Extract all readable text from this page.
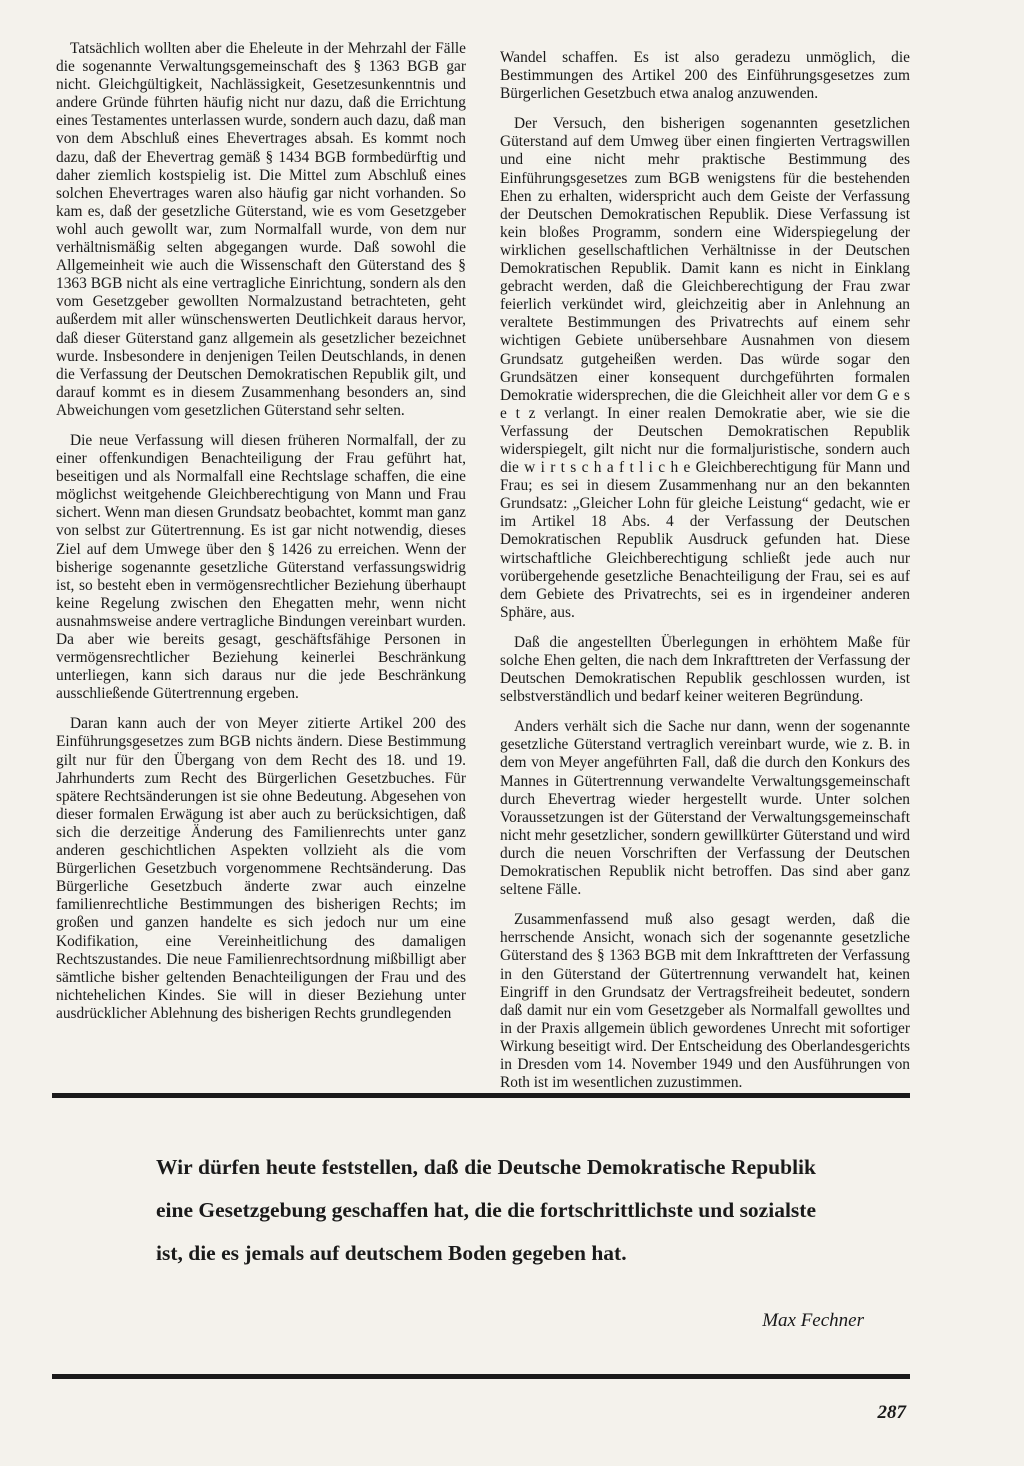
Tatsächlich wollten aber die Eheleute in der Mehrzahl der Fälle die sogenannte Verwaltungsgemeinschaft des § 1363 BGB gar nicht. Gleichgültigkeit, Nachlässigkeit, Gesetzesunkenntnis und andere Gründe führten häufig nicht nur dazu, daß die Errichtung eines Testamentes unterlassen wurde, sondern auch dazu, daß man von dem Abschluß eines Ehevertrages absah. Es kommt noch dazu, daß der Ehevertrag gemäß § 1434 BGB formbedürftig und daher ziemlich kostspielig ist. Die Mittel zum Abschluß eines solchen Ehevertrages waren also häufig gar nicht vorhanden. So kam es, daß der gesetzliche Güterstand, wie es vom Gesetzgeber wohl auch gewollt war, zum Normalfall wurde, von dem nur verhältnismäßig selten abgegangen wurde. Daß sowohl die Allgemeinheit wie auch die Wissenschaft den Güterstand des § 1363 BGB nicht als eine vertragliche Einrichtung, sondern als den vom Gesetzgeber gewollten Normalzustand betrachteten, geht außerdem mit aller wünschenswerten Deutlichkeit daraus hervor, daß dieser Güterstand ganz allgemein als gesetzlicher bezeichnet wurde. Insbesondere in denjenigen Teilen Deutschlands, in denen die Verfassung der Deutschen Demokratischen Republik gilt, und darauf kommt es in diesem Zusammenhang besonders an, sind Abweichungen vom gesetzlichen Güterstand sehr selten.

Die neue Verfassung will diesen früheren Normalfall, der zu einer offenkundigen Benachteiligung der Frau geführt hat, beseitigen und als Normalfall eine Rechtslage schaffen, die eine möglichst weitgehende Gleichberechtigung von Mann und Frau sichert. Wenn man diesen Grundsatz beobachtet, kommt man ganz von selbst zur Gütertrennung. Es ist gar nicht notwendig, dieses Ziel auf dem Umwege über den § 1426 zu erreichen. Wenn der bisherige sogenannte gesetzliche Güterstand verfassungswidrig ist, so besteht eben in vermögensrechtlicher Beziehung überhaupt keine Regelung zwischen den Ehegatten mehr, wenn nicht ausnahmsweise andere vertragliche Bindungen vereinbart wurden. Da aber wie bereits gesagt, geschäftsfähige Personen in vermögensrechtlicher Beziehung keinerlei Beschränkung unterliegen, kann sich daraus nur die jede Beschränkung ausschließende Gütertrennung ergeben.

Daran kann auch der von Meyer zitierte Artikel 200 des Einführungsgesetzes zum BGB nichts ändern. Diese Bestimmung gilt nur für den Übergang von dem Recht des 18. und 19. Jahrhunderts zum Recht des Bürgerlichen Gesetzbuches. Für spätere Rechtsänderungen ist sie ohne Bedeutung. Abgesehen von dieser formalen Erwägung ist aber auch zu berücksichtigen, daß sich die derzeitige Änderung des Familienrechts unter ganz anderen geschichtlichen Aspekten vollzieht als die vom Bürgerlichen Gesetzbuch vorgenommene Rechtsänderung. Das Bürgerliche Gesetzbuch änderte zwar auch einzelne familienrechtliche Bestimmungen des bisherigen Rechts; im großen und ganzen handelte es sich jedoch nur um eine Kodifikation, eine Vereinheitlichung des damaligen Rechtszustandes. Die neue Familienrechtsordnung mißbilligt aber sämtliche bisher geltenden Benachteiligungen der Frau und des nichtehelichen Kindes. Sie will in dieser Beziehung unter ausdrücklicher Ablehnung des bisherigen Rechts grundlegenden

Wandel schaffen. Es ist also geradezu unmöglich, die Bestimmungen des Artikel 200 des Einführungsgesetzes zum Bürgerlichen Gesetzbuch etwa analog anzuwenden.

Der Versuch, den bisherigen sogenannten gesetzlichen Güterstand auf dem Umweg über einen fingierten Vertragswillen und eine nicht mehr praktische Bestimmung des Einführungsgesetzes zum BGB wenigstens für die bestehenden Ehen zu erhalten, widerspricht auch dem Geiste der Verfassung der Deutschen Demokratischen Republik. Diese Verfassung ist kein bloßes Programm, sondern eine Widerspiegelung der wirklichen gesellschaftlichen Verhältnisse in der Deutschen Demokratischen Republik. Damit kann es nicht in Einklang gebracht werden, daß die Gleichberechtigung der Frau zwar feierlich verkündet wird, gleichzeitig aber in Anlehnung an veraltete Bestimmungen des Privatrechts auf einem sehr wichtigen Gebiete unübersehbare Ausnahmen von diesem Grundsatz gutgeheißen werden. Das würde sogar den Grundsätzen einer konsequent durchgeführten formalen Demokratie widersprechen, die die Gleichheit aller vor dem G e s e t z verlangt. In einer realen Demokratie aber, wie sie die Verfassung der Deutschen Demokratischen Republik widerspiegelt, gilt nicht nur die formaljuristische, sondern auch die w i r t s c h a f t l i c h e Gleichberechtigung für Mann und Frau; es sei in diesem Zusammenhang nur an den bekannten Grundsatz: „Gleicher Lohn für gleiche Leistung“ gedacht, wie er im Artikel 18 Abs. 4 der Verfassung der Deutschen Demokratischen Republik Ausdruck gefunden hat. Diese wirtschaftliche Gleichberechtigung schließt jede auch nur vorübergehende gesetzliche Benachteiligung der Frau, sei es auf dem Gebiete des Privatrechts, sei es in irgendeiner anderen Sphäre, aus.

Daß die angestellten Überlegungen in erhöhtem Maße für solche Ehen gelten, die nach dem Inkrafttreten der Verfassung der Deutschen Demokratischen Republik geschlossen wurden, ist selbstverständlich und bedarf keiner weiteren Begründung.

Anders verhält sich die Sache nur dann, wenn der sogenannte gesetzliche Güterstand vertraglich vereinbart wurde, wie z. B. in dem von Meyer angeführten Fall, daß die durch den Konkurs des Mannes in Gütertrennung verwandelte Verwaltungsgemeinschaft durch Ehevertrag wieder hergestellt wurde. Unter solchen Voraussetzungen ist der Güterstand der Verwaltungsgemeinschaft nicht mehr gesetzlicher, sondern gewillkürter Güterstand und wird durch die neuen Vorschriften der Verfassung der Deutschen Demokratischen Republik nicht betroffen. Das sind aber ganz seltene Fälle.

Zusammenfassend muß also gesagt werden, daß die herrschende Ansicht, wonach sich der sogenannte gesetzliche Güterstand des § 1363 BGB mit dem Inkrafttreten der Verfassung in den Güterstand der Gütertrennung verwandelt hat, keinen Eingriff in den Grundsatz der Vertragsfreiheit bedeutet, sondern daß damit nur ein vom Gesetzgeber als Normalfall gewolltes und in der Praxis allgemein üblich gewordenes Unrecht mit sofortiger Wirkung beseitigt wird. Der Entscheidung des Oberlandesgerichts in Dresden vom 14. November 1949 und den Ausführungen von Roth ist im wesentlichen zuzustimmen.

Wir dürfen heute feststellen, daß die Deutsche Demokratische Republik eine Gesetzgebung geschaffen hat, die die fortschrittlichste und sozialste ist, die es jemals auf deutschem Boden gegeben hat.

Max Fechner
287
